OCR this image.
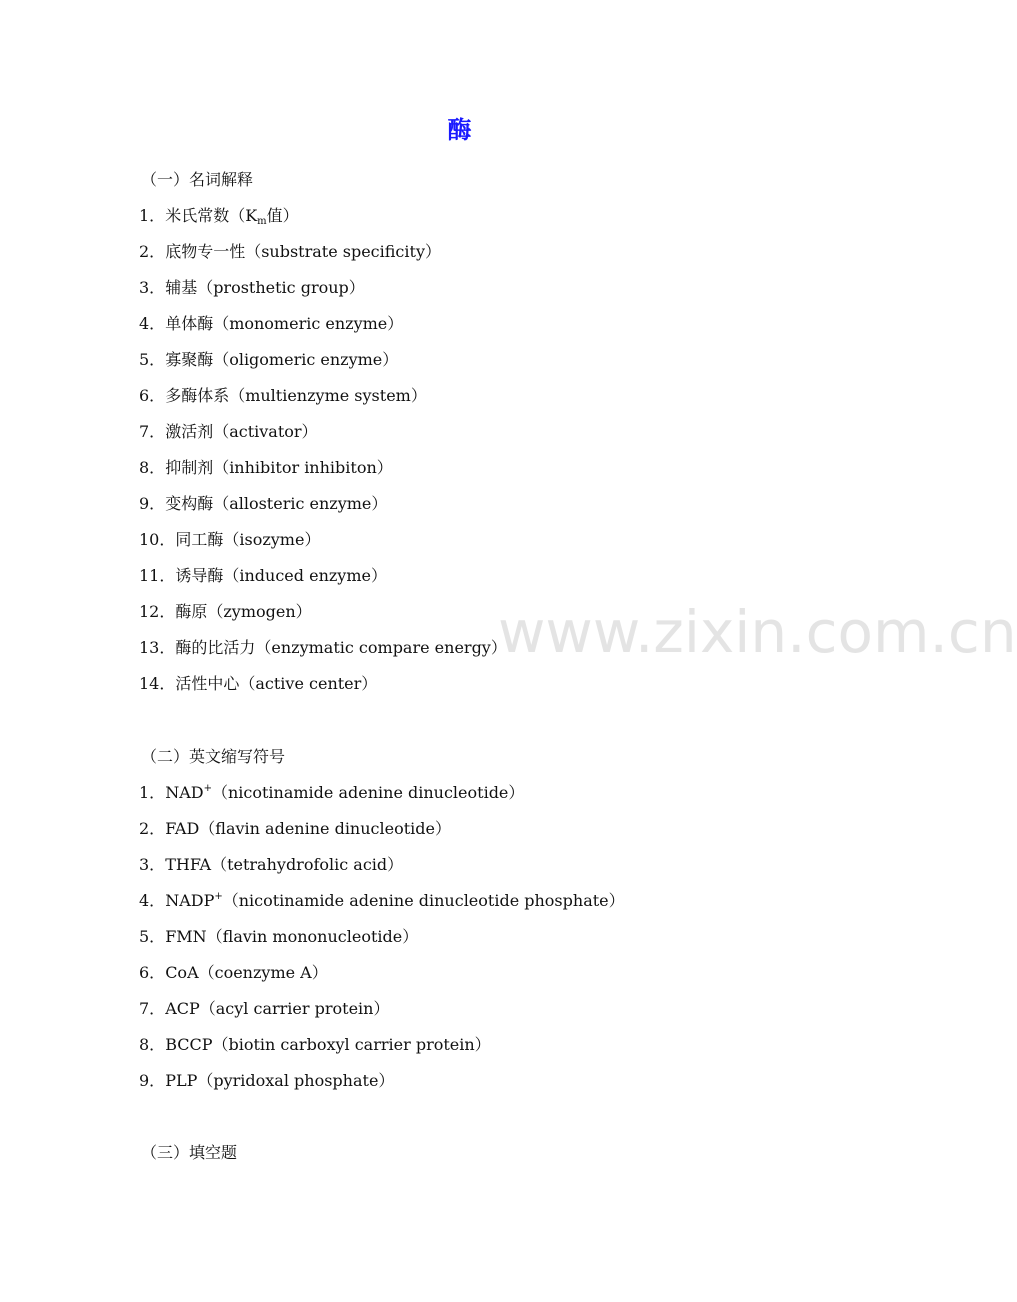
酶
（一）名词解释
1．米氏常数（$K_m$值）
2．底物专一性（substrate specificity）
3．辅基（prosthetic group）
4．单体酶（monomeric enzyme）
5．寡聚酶（oligomeric enzyme）
6．多酶体系（multienzyme system）
7．激活剂（activator）
8．抑制剂（inhibitor inhibiton）
9．变构酶（allosteric enzyme）
10．同工酶（isozyme）
11．诱导酶（induced enzyme）
12．酶原（zymogen）
13．酶的比活力（enzymatic compare energy）
14．活性中心（active center）
（二）英文缩写符号
1．NAD+（nicotinamide adenine dinucleotide）
2．FAD（flavin adenine dinucleotide）
3．THFA（tetrahydrofolic acid）
4．NADP+（nicotinamide adenine dinucleotide phosphate）
5．FMN（flavin mononucleotide）
6．CoA（coenzyme A）
7．ACP（acyl carrier protein）
8．BCCP（biotin carboxyl carrier protein）
9．PLP（pyridoxal phosphate）
（三）填空题
www.zixin.com.cn
